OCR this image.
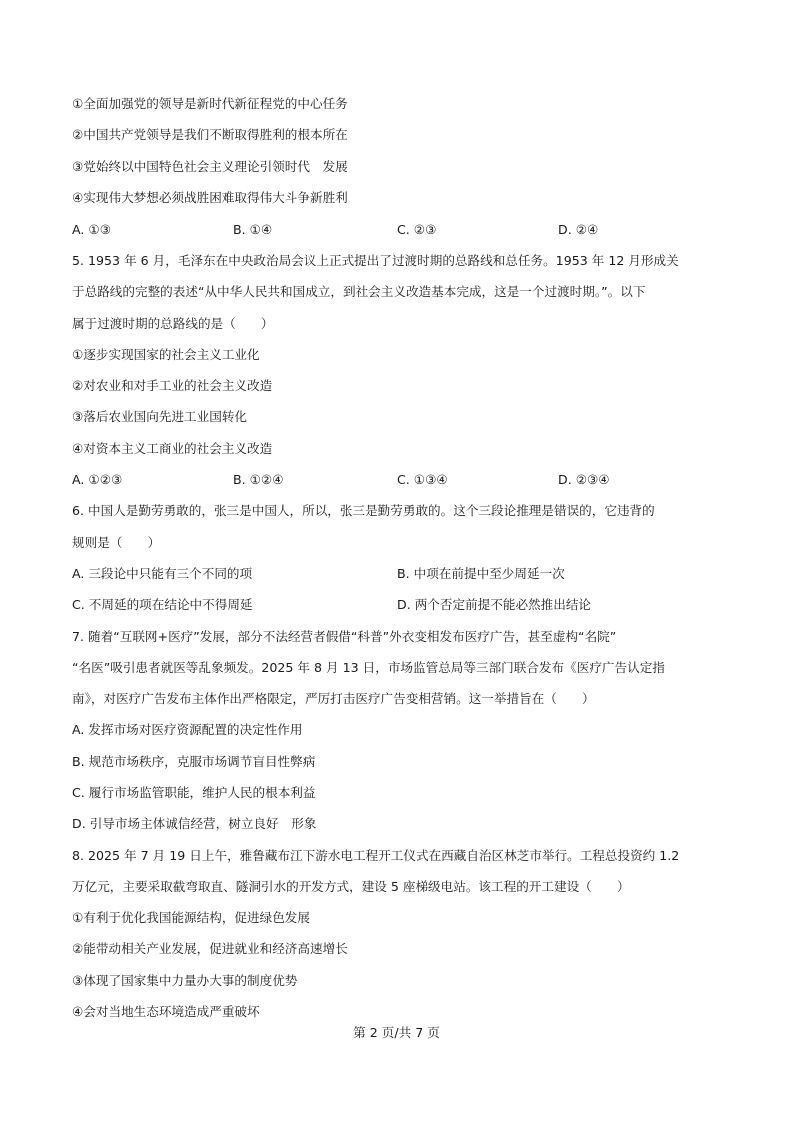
①全面加强党的领导是新时代新征程党的中心任务
②中国共产党领导是我们不断取得胜利的根本所在
③党始终以中国特色社会主义理论引领时代　发展
④实现伟大梦想必须战胜困难取得伟大斗争新胜利
A. ①③	B. ①④	C. ②③	D. ②④
5. 1953 年 6 月，毛泽东在中央政治局会议上正式提出了过渡时期的总路线和总任务。1953 年 12 月形成关
于总路线的完整的表述“从中华人民共和国成立，到社会主义改造基本完成，这是一个过渡时期。”。以下
属于过渡时期的总路线的是（　　）
①逐步实现国家的社会主义工业化
②对农业和对手工业的社会主义改造
③落后农业国向先进工业国转化
④对资本主义工商业的社会主义改造
A. ①②③	B. ①②④	C. ①③④	D. ②③④
6. 中国人是勤劳勇敢的，张三是中国人，所以，张三是勤劳勇敢的。这个三段论推理是错误的，它违背的
规则是（　　）
A. 三段论中只能有三个不同的项	B. 中项在前提中至少周延一次
C. 不周延的项在结论中不得周延	D. 两个否定前提不能必然推出结论
7. 随着“互联网+医疗”发展，部分不法经营者假借“科普”外衣变相发布医疗广告，甚至虚构“名院”
“名医”吸引患者就医等乱象频发。2025 年 8 月 13 日，市场监管总局等三部门联合发布《医疗广告认定指
南》，对医疗广告发布主体作出严格限定，严厉打击医疗广告变相营销。这一举措旨在（　　）
A. 发挥市场对医疗资源配置的决定性作用
B. 规范市场秩序，克服市场调节盲目性弊病
C. 履行市场监管职能，维护人民的根本利益
D. 引导市场主体诚信经营，树立良好　形象
8. 2025 年 7 月 19 日上午，雅鲁藏布江下游水电工程开工仪式在西藏自治区林芝市举行。工程总投资约 1.2
万亿元，主要采取截弯取直、隧洞引水的开发方式，建设 5 座梯级电站。该工程的开工建设（　　）
①有利于优化我国能源结构，促进绿色发展
②能带动相关产业发展，促进就业和经济高速增长
③体现了国家集中力量办大事的制度优势
④会对当地生态环境造成严重破坏
第 2 页/共 7 页
